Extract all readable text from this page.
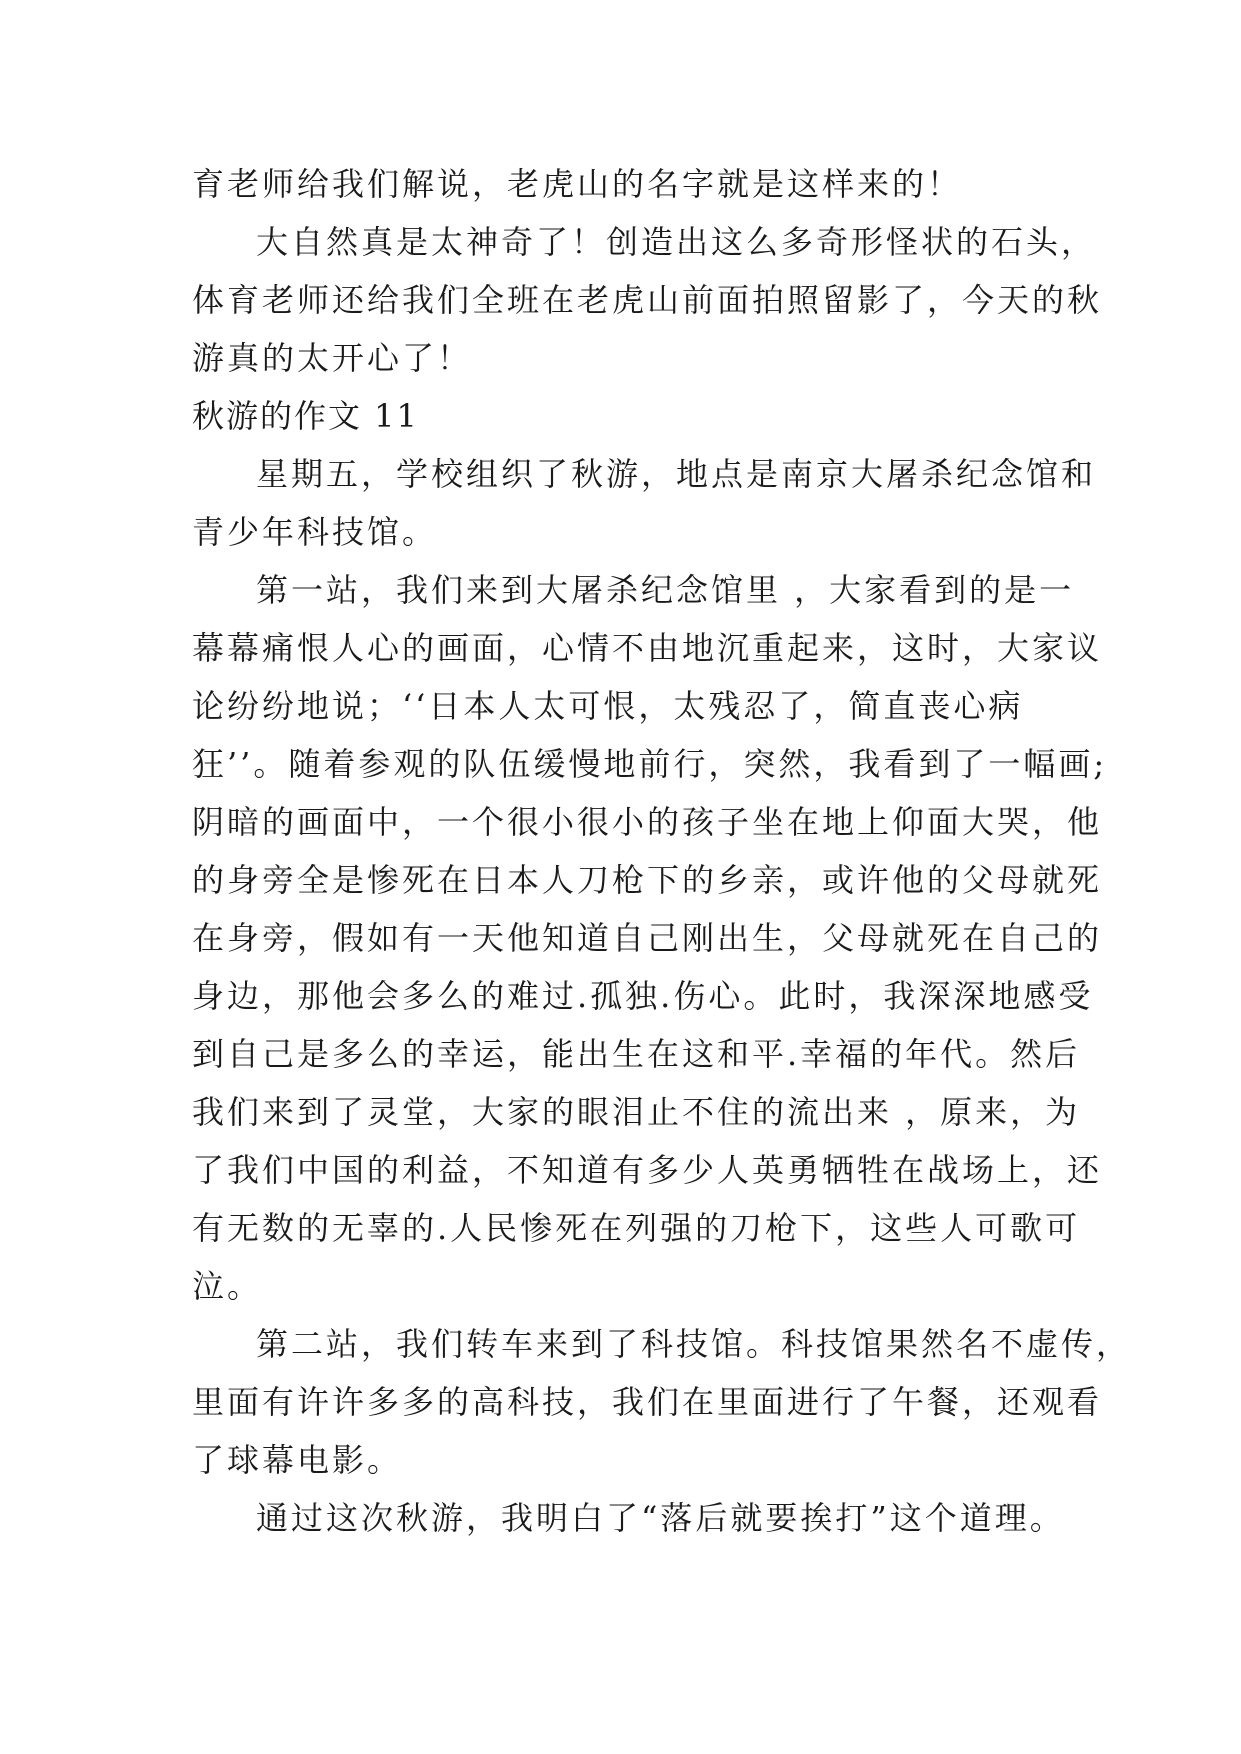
育老师给我们解说，老虎山的名字就是这样来的！
大自然真是太神奇了！创造出这么多奇形怪状的石头，
体育老师还给我们全班在老虎山前面拍照留影了，今天的秋
游真的太开心了！
秋游的作文 11
星期五，学校组织了秋游，地点是南京大屠杀纪念馆和
青少年科技馆。
第一站，我们来到大屠杀纪念馆里 ，大家看到的是一
幕幕痛恨人心的画面，心情不由地沉重起来，这时，大家议
论纷纷地说；‘‘日本人太可恨，太残忍了，简直丧心病
狂’’。随着参观的队伍缓慢地前行，突然，我看到了一幅画;
阴暗的画面中，一个很小很小的孩子坐在地上仰面大哭，他
的身旁全是惨死在日本人刀枪下的乡亲，或许他的父母就死
在身旁，假如有一天他知道自己刚出生，父母就死在自己的
身边，那他会多么的难过.孤独.伤心。此时，我深深地感受
到自己是多么的幸运，能出生在这和平.幸福的年代。然后
我们来到了灵堂，大家的眼泪止不住的流出来 ，原来，为
了我们中国的利益，不知道有多少人英勇牺牲在战场上，还
有无数的无辜的.人民惨死在列强的刀枪下，这些人可歌可
泣。
第二站，我们转车来到了科技馆。科技馆果然名不虚传，
里面有许许多多的高科技，我们在里面进行了午餐，还观看
了球幕电影。
通过这次秋游，我明白了“落后就要挨打”这个道理。
